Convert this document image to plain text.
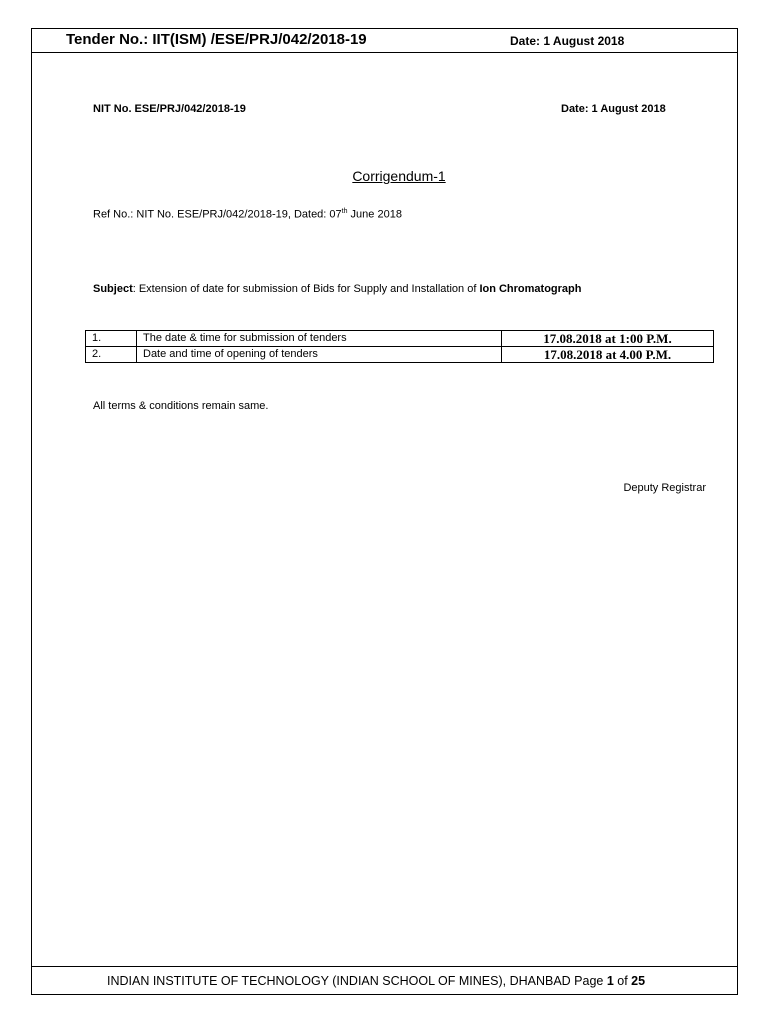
Tender No.: IIT(ISM) /ESE/PRJ/042/2018-19	Date: 1 August 2018
NIT No. ESE/PRJ/042/2018-19	Date: 1 August 2018
Corrigendum-1
Ref No.: NIT No. ESE/PRJ/042/2018-19, Dated: 07th June 2018
Subject: Extension of date for submission of Bids for Supply and Installation of Ion Chromatograph
1.	The date & time for submission of tenders	17.08.2018 at 1:00 P.M.
2.	Date and time of opening of tenders	17.08.2018 at 4.00 P.M.
All terms & conditions remain same.
Deputy Registrar
INDIAN INSTITUTE OF TECHNOLOGY (INDIAN SCHOOL OF MINES), DHANBAD Page 1 of 25
